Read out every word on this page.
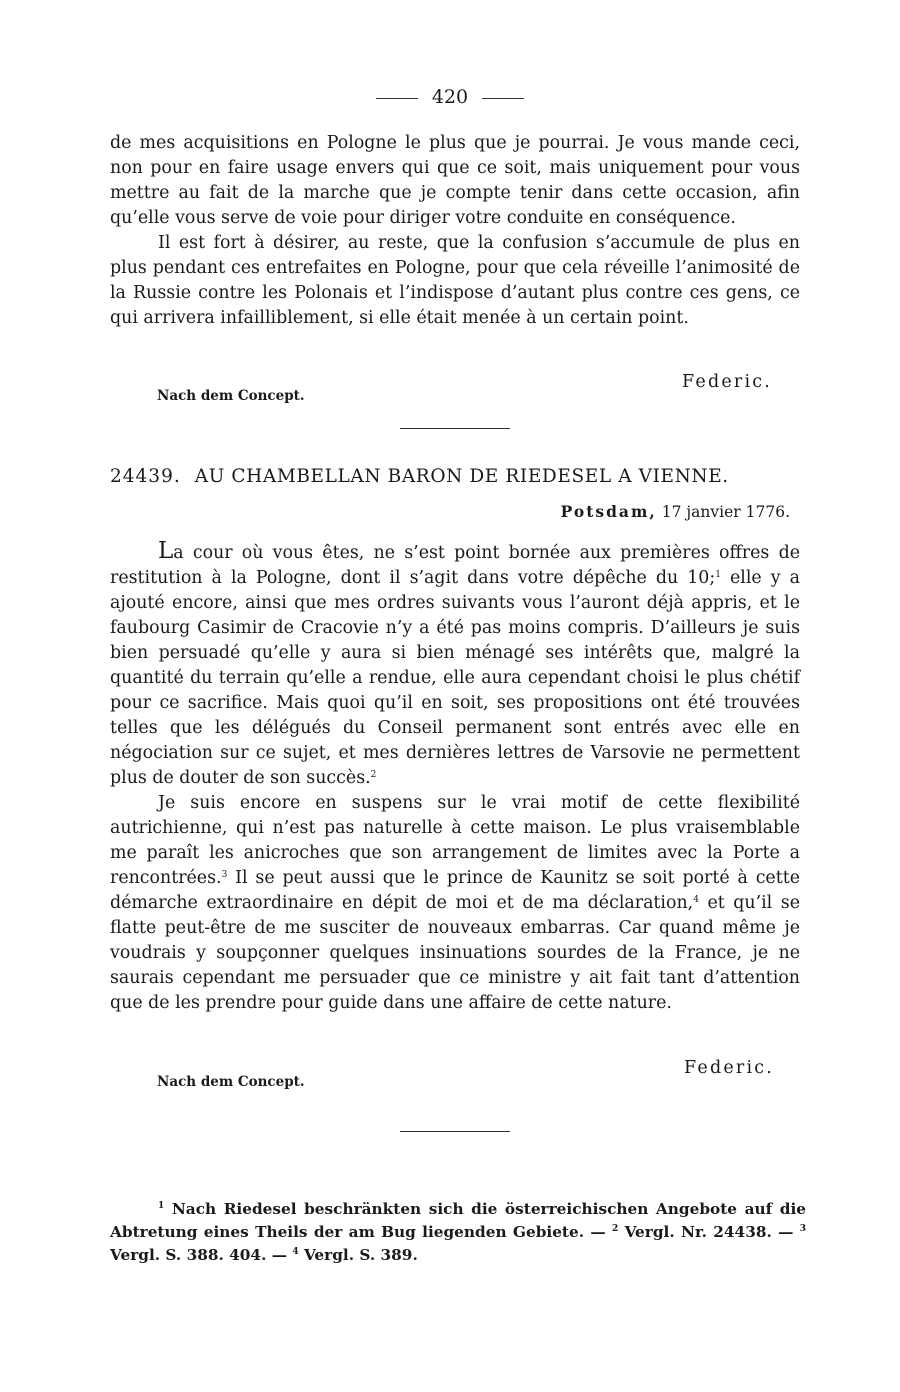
420

de mes acquisitions en Pologne le plus que je pourrai. Je vous mande ceci, non pour en faire usage envers qui que ce soit, mais uniquement pour vous mettre au fait de la marche que je compte tenir dans cette occasion, afin qu’elle vous serve de voie pour diriger votre conduite en conséquence.

Il est fort à désirer, au reste, que la confusion s’accumule de plus en plus pendant ces entrefaites en Pologne, pour que cela réveille l’animosité de la Russie contre les Polonais et l’indispose d’autant plus contre ces gens, ce qui arrivera infailliblement, si elle était menée à un certain point.

Federic.
Nach dem Concept.
24439. AU CHAMBELLAN BARON DE RIEDESEL A VIENNE.
Potsdam, 17 janvier 1776.

La cour où vous êtes, ne s’est point bornée aux premières offres de restitution à la Pologne, dont il s’agit dans votre dépêche du 10;$^1$ elle y a ajouté encore, ainsi que mes ordres suivants vous l’auront déjà appris, et le faubourg Casimir de Cracovie n’y a été pas moins compris. D’ailleurs je suis bien persuadé qu’elle y aura si bien ménagé ses intérêts que, malgré la quantité du terrain qu’elle a rendue, elle aura cependant choisi le plus chétif pour ce sacrifice. Mais quoi qu’il en soit, ses propositions ont été trouvées telles que les délégués du Conseil permanent sont entrés avec elle en négociation sur ce sujet, et mes dernières lettres de Varsovie ne permettent plus de douter de son succès.$^2$

Je suis encore en suspens sur le vrai motif de cette flexibilité autrichienne, qui n’est pas naturelle à cette maison. Le plus vraisemblable me paraît les anicroches que son arrangement de limites avec la Porte a rencontrées.$^3$ Il se peut aussi que le prince de Kaunitz se soit porté à cette démarche extraordinaire en dépit de moi et de ma déclaration,$^4$ et qu’il se flatte peut-être de me susciter de nouveaux embarras. Car quand même je voudrais y soupçonner quelques insinuations sourdes de la France, je ne saurais cependant me persuader que ce ministre y ait fait tant d’attention que de les prendre pour guide dans une affaire de cette nature.

Federic.
Nach dem Concept.

$^1$ Nach Riedesel beschränkten sich die österreichischen Angebote auf die Abtretung eines Theils der am Bug liegenden Gebiete. — $^2$ Vergl. Nr. 24438. — $^3$ Vergl. S. 388. 404. — $^4$ Vergl. S. 389.
